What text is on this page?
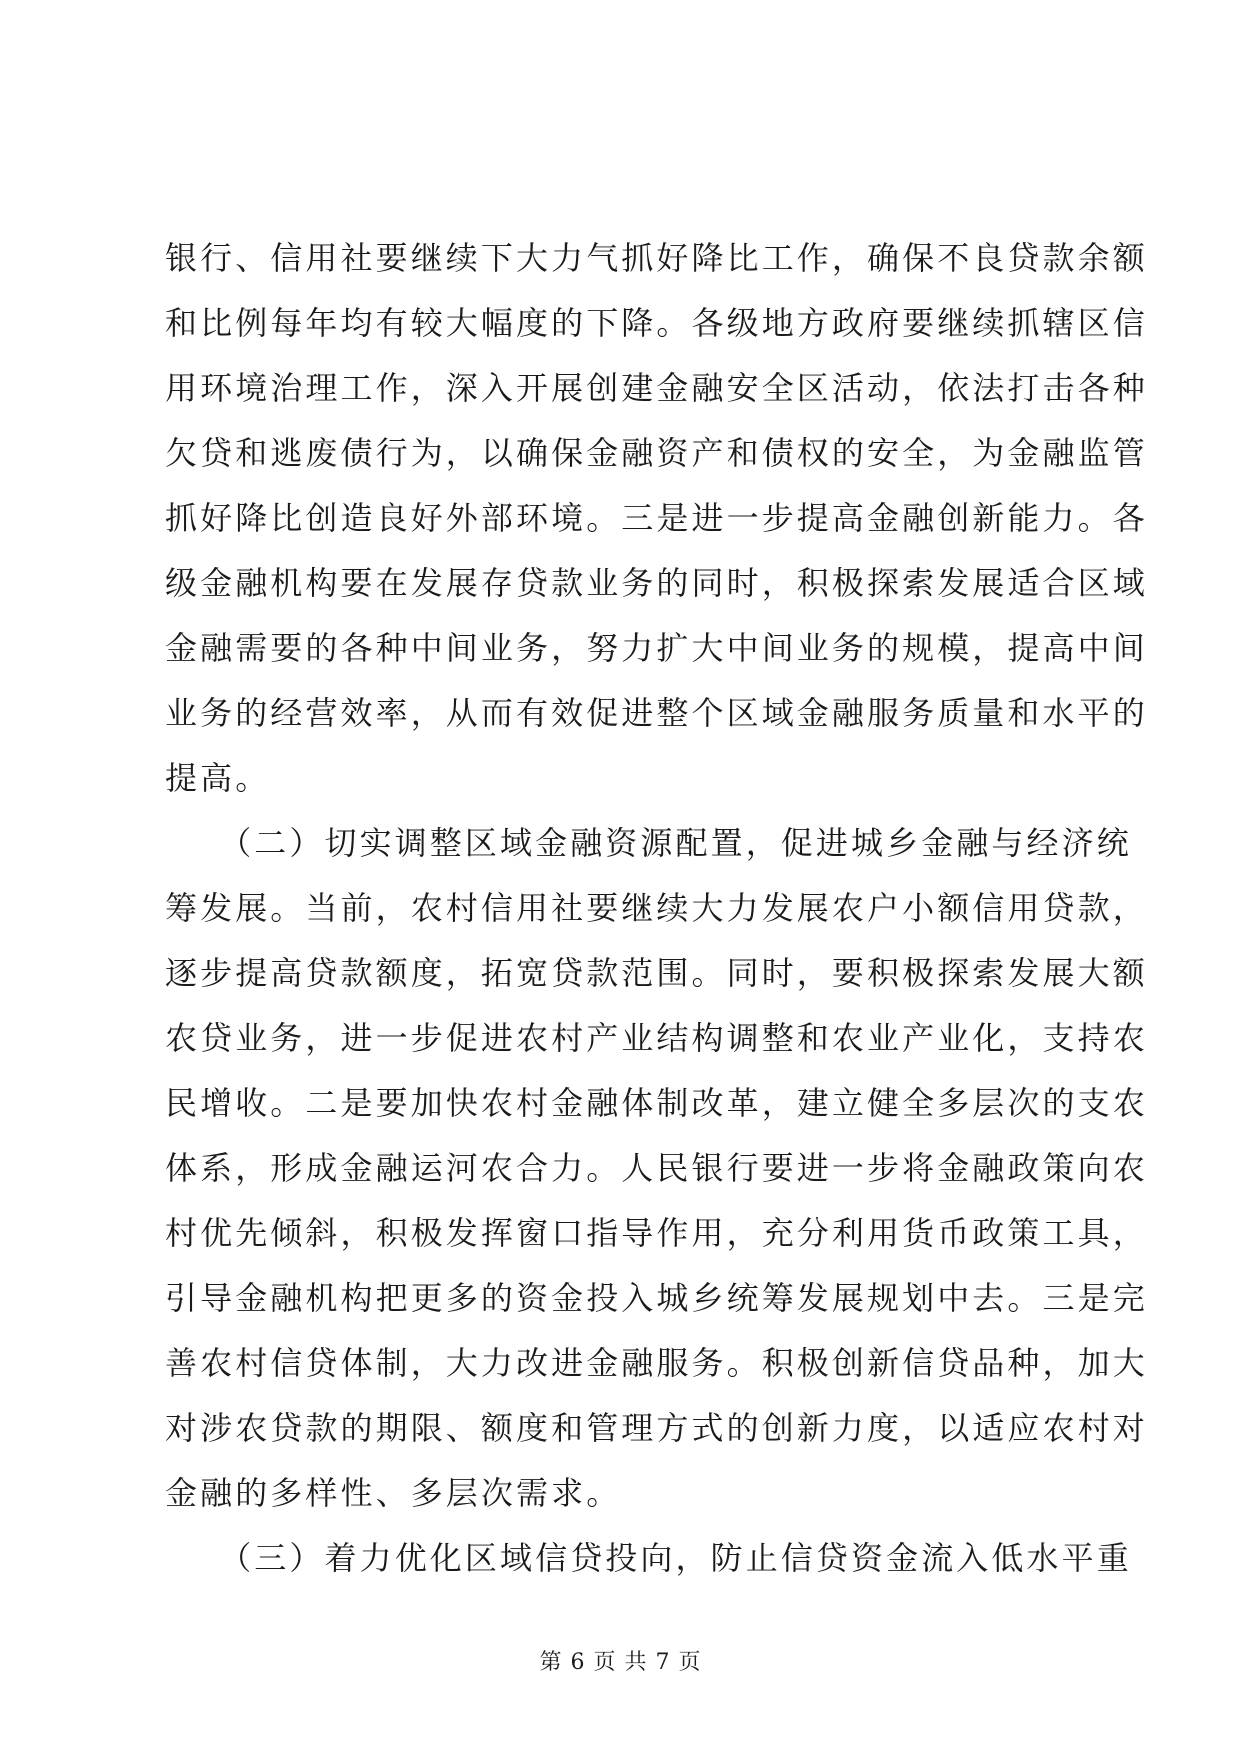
银行、信用社要继续下大力气抓好降比工作，确保不良贷款余额
和比例每年均有较大幅度的下降。各级地方政府要继续抓辖区信
用环境治理工作，深入开展创建金融安全区活动，依法打击各种
欠贷和逃废债行为，以确保金融资产和债权的安全，为金融监管
抓好降比创造良好外部环境。三是进一步提高金融创新能力。各
级金融机构要在发展存贷款业务的同时，积极探索发展适合区域
金融需要的各种中间业务，努力扩大中间业务的规模，提高中间
业务的经营效率，从而有效促进整个区域金融服务质量和水平的
提高。
　　（二）切实调整区域金融资源配置，促进城乡金融与经济统
筹发展。当前，农村信用社要继续大力发展农户小额信用贷款，
逐步提高贷款额度，拓宽贷款范围。同时，要积极探索发展大额
农贷业务，进一步促进农村产业结构调整和农业产业化，支持农
民增收。二是要加快农村金融体制改革，建立健全多层次的支农
体系，形成金融运河农合力。人民银行要进一步将金融政策向农
村优先倾斜，积极发挥窗口指导作用，充分利用货币政策工具，
引导金融机构把更多的资金投入城乡统筹发展规划中去。三是完
善农村信贷体制，大力改进金融服务。积极创新信贷品种，加大
对涉农贷款的期限、额度和管理方式的创新力度，以适应农村对
金融的多样性、多层次需求。
　　（三）着力优化区域信贷投向，防止信贷资金流入低水平重
第 6 页 共 7 页
